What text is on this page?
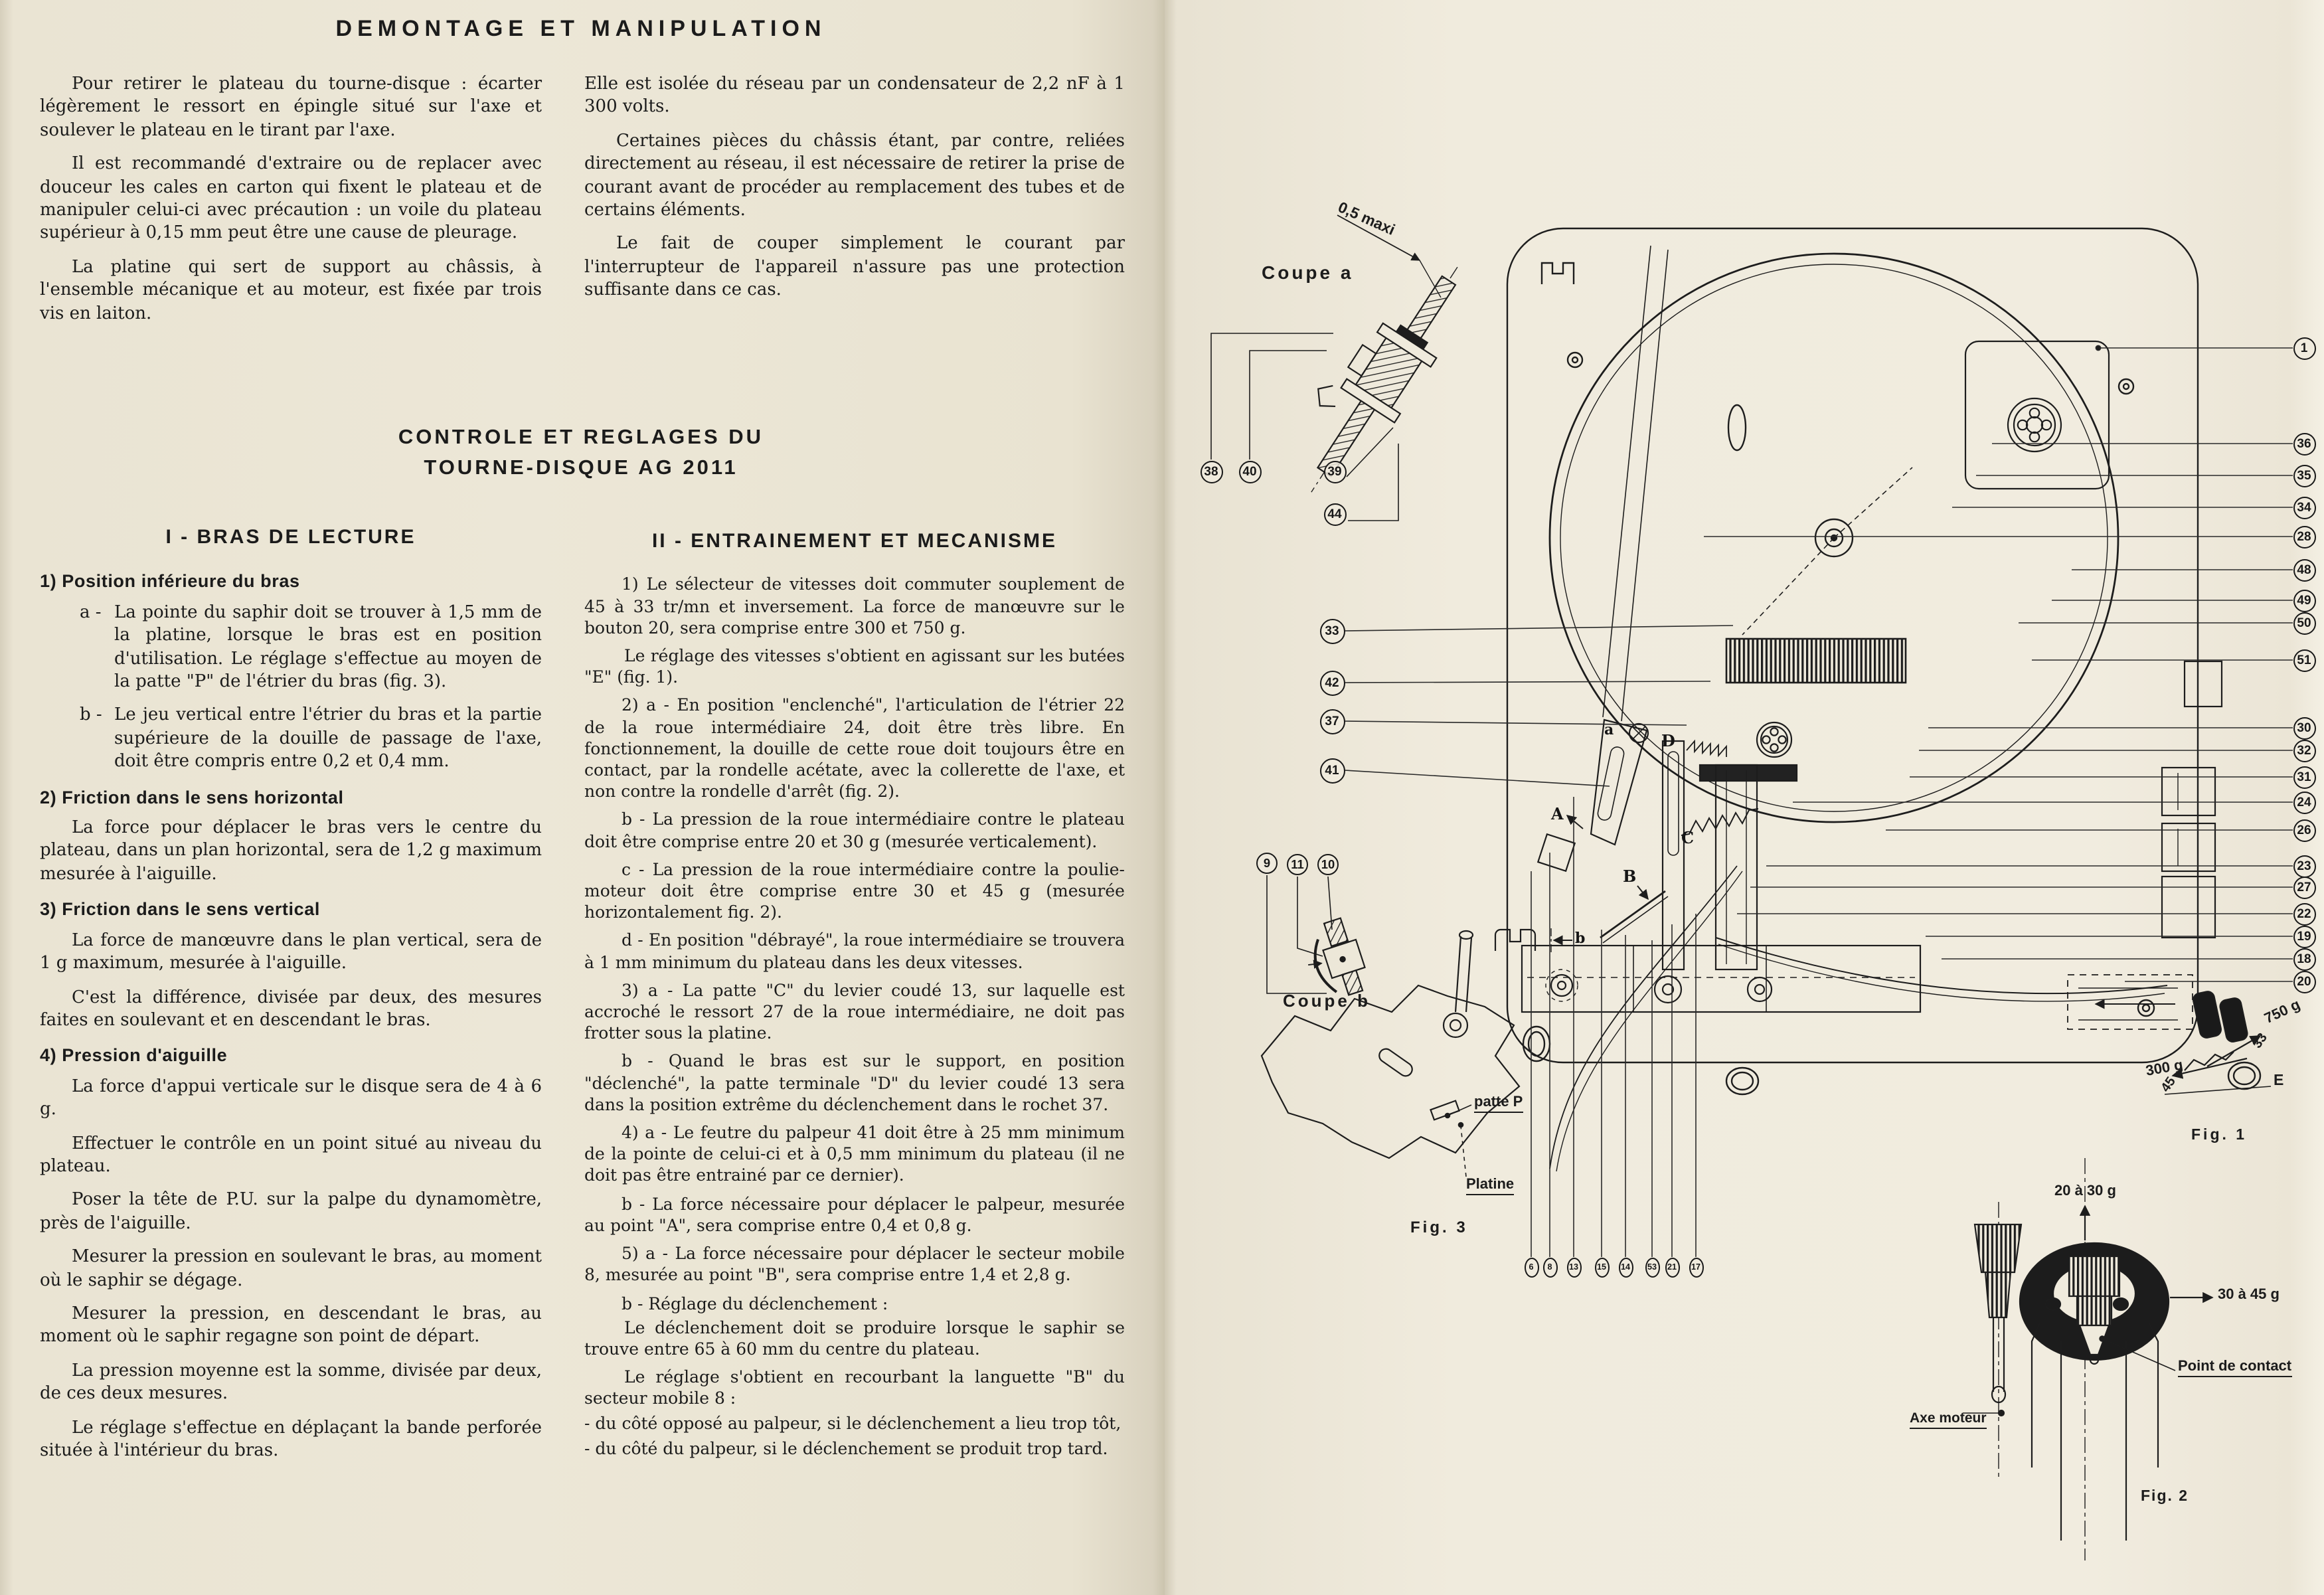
DEMONTAGE ET MANIPULATION

Pour retirer le plateau du tourne-disque : écarter légèrement le ressort en épingle situé sur l'axe et soulever le plateau en le tirant par l'axe.

Il est recommandé d'extraire ou de replacer avec douceur les cales en carton qui fixent le plateau et de manipuler celui-ci avec précaution : un voile du plateau supérieur à 0,15 mm peut être une cause de pleurage.

La platine qui sert de support au châssis, à l'ensemble mécanique et au moteur, est fixée par trois vis en laiton.

Elle est isolée du réseau par un condensateur de 2,2 nF à 1 300 volts.

Certaines pièces du châssis étant, par contre, reliées directement au réseau, il est nécessaire de retirer la prise de courant avant de procéder au remplacement des tubes et de certains éléments.

Le fait de couper simplement le courant par l'interrupteur de l'appareil n'assure pas une protection suffisante dans ce cas.

CONTROLE ET REGLAGES DU
TOURNE-DISQUE AG 2011

I - BRAS DE LECTURE

1) Position inférieure du bras

a - La pointe du saphir doit se trouver à 1,5 mm de la platine, lorsque le bras est en position d'utilisation. Le réglage s'effectue au moyen de la patte "P" de l'étrier du bras (fig. 3).

b - Le jeu vertical entre l'étrier du bras et la partie supérieure de la douille de passage de l'axe, doit être compris entre 0,2 et 0,4 mm.

2) Friction dans le sens horizontal

La force pour déplacer le bras vers le centre du plateau, dans un plan horizontal, sera de 1,2 g maximum mesurée à l'aiguille.

3) Friction dans le sens vertical

La force de manœuvre dans le plan vertical, sera de 1 g maximum, mesurée à l'aiguille.

C'est la différence, divisée par deux, des mesures faites en soulevant et en descendant le bras.

4) Pression d'aiguille

La force d'appui verticale sur le disque sera de 4 à 6 g.

Effectuer le contrôle en un point situé au niveau du plateau.

Poser la tête de P.U. sur la palpe du dynamomètre, près de l'aiguille.

Mesurer la pression en soulevant le bras, au moment où le saphir se dégage.

Mesurer la pression, en descendant le bras, au moment où le saphir regagne son point de départ.

La pression moyenne est la somme, divisée par deux, de ces deux mesures.

Le réglage s'effectue en déplaçant la bande perforée située à l'intérieur du bras.

II - ENTRAINEMENT ET MECANISME

1) Le sélecteur de vitesses doit commuter souplement de 45 à 33 tr/mn et inversement. La force de manœuvre sur le bouton 20, sera comprise entre 300 et 750 g.

Le réglage des vitesses s'obtient en agissant sur les butées "E" (fig. 1).

2) a - En position "enclenché", l'articulation de l'étrier 22 de la roue intermédiaire 24, doit être très libre. En fonctionnement, la douille de cette roue doit toujours être en contact, par la rondelle acétate, avec la collerette de l'axe, et non contre la rondelle d'arrêt (fig. 2).

b - La pression de la roue intermédiaire contre le plateau doit être comprise entre 20 et 30 g (mesurée verticalement).

c - La pression de la roue intermédiaire contre la poulie-moteur doit être comprise entre 30 et 45 g (mesurée horizontalement fig. 2).

d - En position "débrayé", la roue intermédiaire se trouvera à 1 mm minimum du plateau dans les deux vitesses.

3) a - La patte "C" du levier coudé 13, sur laquelle est accroché le ressort 27 de la roue intermédiaire, ne doit pas frotter sous la platine.

b - Quand le bras est sur le support, en position "déclenché", la patte terminale "D" du levier coudé 13 sera dans la position extrême du déclenchement dans le rochet 37.

4) a - Le feutre du palpeur 41 doit être à 25 mm minimum de la pointe de celui-ci et à 0,5 mm minimum du plateau (il ne doit pas être entrainé par ce dernier).

b - La force nécessaire pour déplacer le palpeur, mesurée au point "A", sera comprise entre 0,4 et 0,8 g.

5) a - La force nécessaire pour déplacer le secteur mobile 8, mesurée au point "B", sera comprise entre 1,4 et 2,8 g.

b - Réglage du déclenchement :

Le déclenchement doit se produire lorsque le saphir se trouve entre 65 à 60 mm du centre du plateau.

Le réglage s'obtient en recourbant la languette "B" du secteur mobile 8 :

- du côté opposé au palpeur, si le déclenchement a lieu trop tôt,

- du côté du palpeur, si le déclenchement se produit trop tard.

Coupe a
0,5 maxi
Coupe b
Fig. 3
patte P
Platine
Fig. 1
750 g
33
300 g
45	E
20 à 30 g
30 à 45 g
Point de contact
Axe moteur
Fig. 2
A
B
C
D
a
b
1
36
35
34
28
48
49
50
51
30
32
31
24
26
23
27
22
19
18
20
33
42
37
41
38	40	39
44
9	11	10
6	8	13	15	14	53	21	17
